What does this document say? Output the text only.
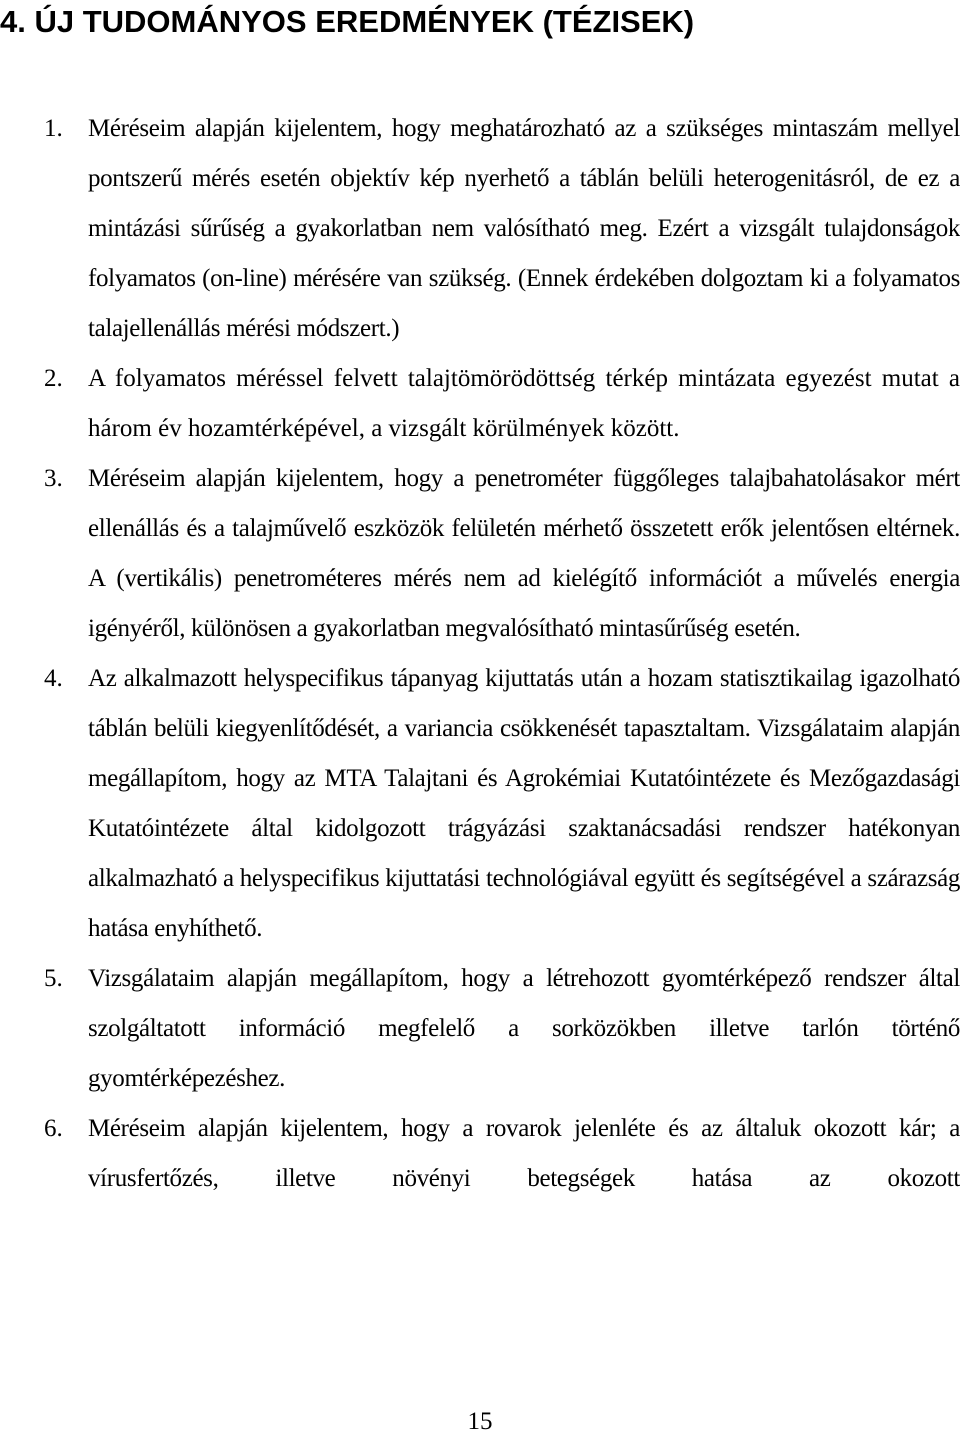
4. ÚJ TUDOMÁNYOS EREDMÉNYEK (TÉZISEK)
1.	Méréseim alapján kijelentem, hogy meghatározható az a szükséges mintaszám mellyel pontszerű mérés esetén objektív kép nyerhető a táblán belüli heterogenitásról, de ez a mintázási sűrűség a gyakorlatban nem valósítható meg. Ezért a vizsgált tulajdonságok folyamatos (on-line) mérésére van szükség. (Ennek érdekében dolgoztam ki a folyamatos talajellenállás mérési módszert.)

2.	A folyamatos méréssel felvett talajtömörödöttség térkép mintázata egyezést mutat a három év hozamtérképével, a vizsgált körülmények között.

3.	Méréseim alapján kijelentem, hogy a penetrométer függőleges talajbahatolásakor mért ellenállás és a talajművelő eszközök felületén mérhető összetett erők jelentősen eltérnek. A (vertikális) penetrométeres mérés nem ad kielégítő információt a művelés energia igényéről, különösen a gyakorlatban megvalósítható mintasűrűség esetén.

4.	Az alkalmazott helyspecifikus tápanyag kijuttatás után a hozam statisztikailag igazolható táblán belüli kiegyenlítődését, a variancia csökkenését tapasztaltam. Vizsgálataim alapján megállapítom, hogy az MTA Talajtani és Agrokémiai Kutatóintézete és Mezőgazdasági Kutatóintézete által kidolgozott trágyázási szaktanácsadási rendszer hatékonyan alkalmazható a helyspecifikus kijuttatási technológiával együtt és segítségével a szárazság hatása enyhíthető.

5.	Vizsgálataim alapján megállapítom, hogy a létrehozott gyomtérképező rendszer által szolgáltatott információ megfelelő a sorközökben illetve tarlón történő gyomtérképezéshez.

6.	Méréseim alapján kijelentem, hogy a rovarok jelenléte és az általuk okozott kár; a vírusfertőzés, illetve növényi betegségek hatása az okozott

15
